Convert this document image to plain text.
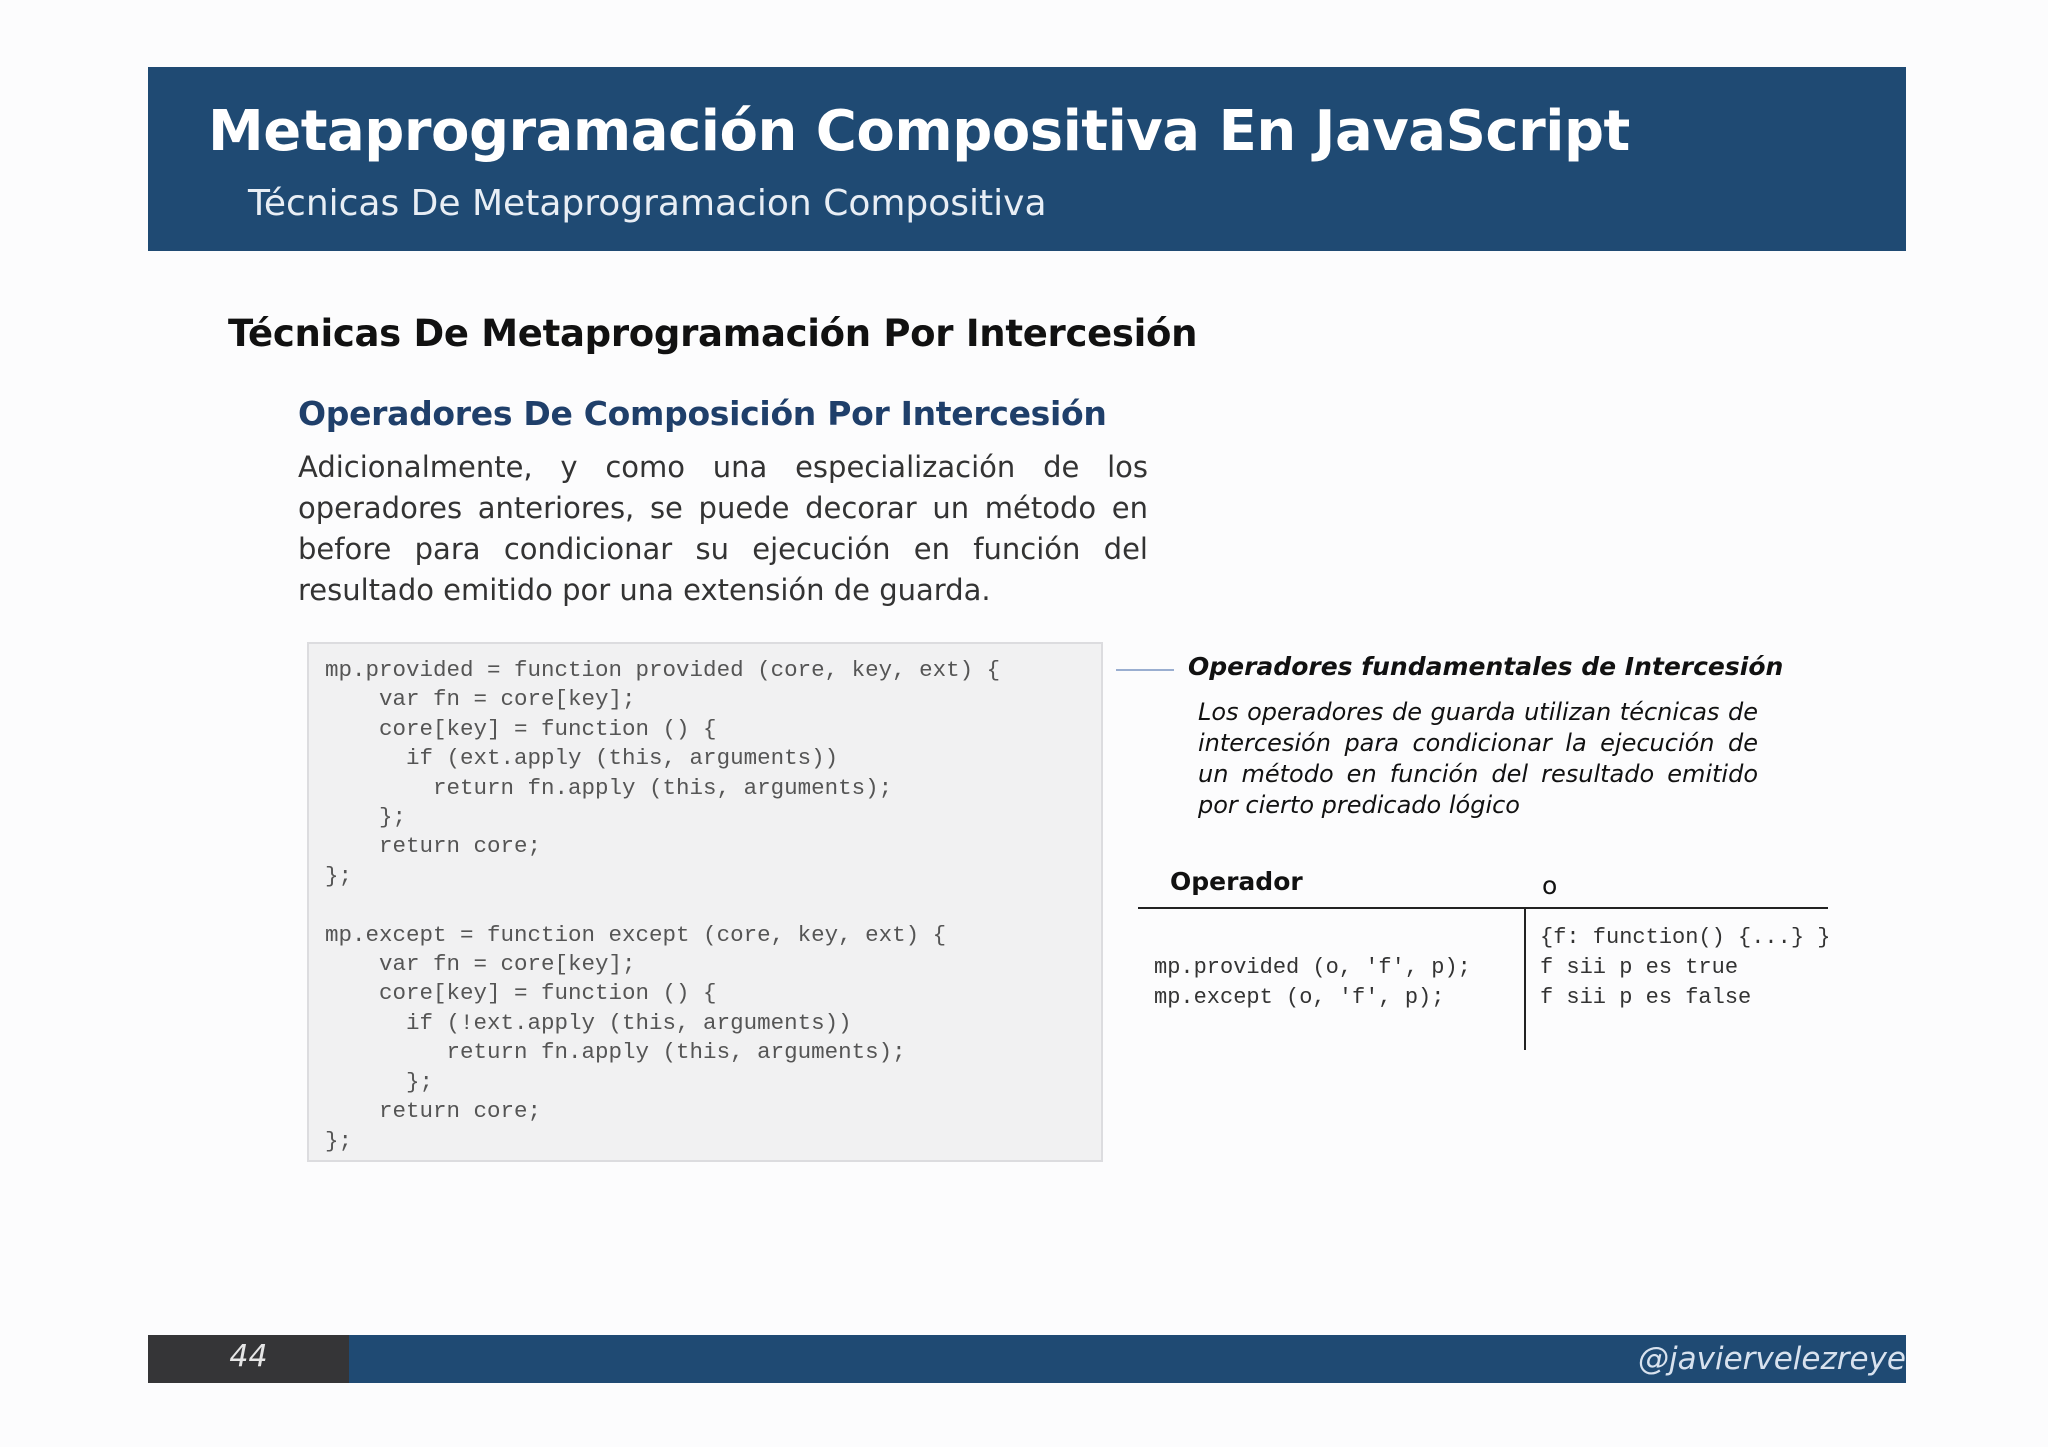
Metaprogramación Compositiva En JavaScript
Técnicas De Metaprogramacion Compositiva
Técnicas De Metaprogramación Por Intercesión
Operadores De Composición Por Intercesión
Adicionalmente, y como una especialización de los operadores anteriores, se puede decorar un método en before para condicionar su ejecución en función del resultado emitido por una extensión de guarda.
mp.provided = function provided (core, key, ext) {
var fn = core[key];
core[key] = function () {
if (ext.apply (this, arguments))
return fn.apply (this, arguments);
};
return core;
};

mp.except = function except (core, key, ext) {
var fn = core[key];
core[key] = function () {
if (!ext.apply (this, arguments))
return fn.apply (this, arguments);
};
return core;
};
Operadores fundamentales de Intercesión
Los operadores de guarda utilizan técnicas de intercesión para condicionar la ejecución de un método en función del resultado emitido por cierto predicado lógico
Operador	o
mp.provided (o, 'f', p);
mp.except (o, 'f', p);
{f: function() {...} }
f sii p es true
f sii p es false
44	@javiervelezreye
